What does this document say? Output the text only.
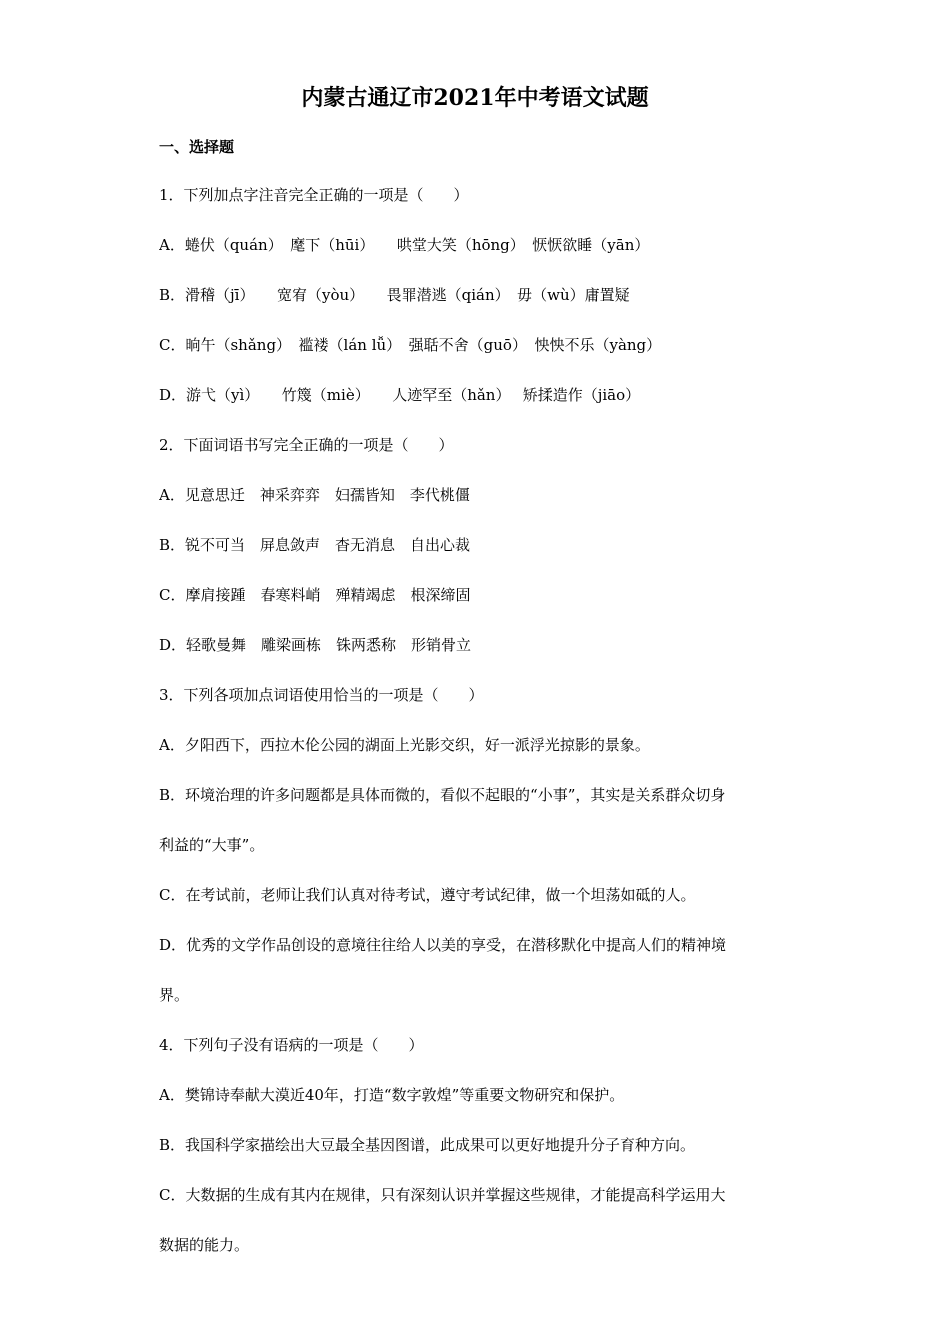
内蒙古通辽市2021年中考语文试题
一、选择题
1．下列加点字注音完全正确的一项是（　　）
A．蜷伏（quán）　麾下（hūi）　　哄堂大笑（hōng）　恹恹欲睡（yān）
B．滑稽（jī）　　宽宥（yòu）　　畏罪潜逃（qián）　毋（wù）庸置疑
C．晌午（shǎng）　褴褛（lán lǚ）　强聒不舍（guō）　怏怏不乐（yàng）
D．游弋（yì）　　竹篾（miè）　　人迹罕至（hǎn）　 矫揉造作（jiāo）
2．下面词语书写完全正确的一项是（　　）
A．见意思迁　神采弈弈　妇孺皆知　李代桃僵
B．锐不可当　屏息敛声　杳无消息　自出心裁
C．摩肩接踵　春寒料峭　殚精竭虑　根深缔固
D．轻歌曼舞　雕梁画栋　铢两悉称　形销骨立
3．下列各项加点词语使用恰当的一项是（　　）
A．夕阳西下，西拉木伦公园的湖面上光影交织，好一派浮光掠影的景象。
B．环境治理的许多问题都是具体而微的，看似不起眼的“小事”，其实是关系群众切身
利益的“大事”。
C．在考试前，老师让我们认真对待考试，遵守考试纪律，做一个坦荡如砥的人。
D．优秀的文学作品创设的意境往往给人以美的享受，在潜移默化中提高人们的精神境
界。
4．下列句子没有语病的一项是（　　）
A．樊锦诗奉献大漠近40年，打造“数字敦煌”等重要文物研究和保护。
B．我国科学家描绘出大豆最全基因图谱，此成果可以更好地提升分子育种方向。
C．大数据的生成有其内在规律，只有深刻认识并掌握这些规律，才能提高科学运用大
数据的能力。
